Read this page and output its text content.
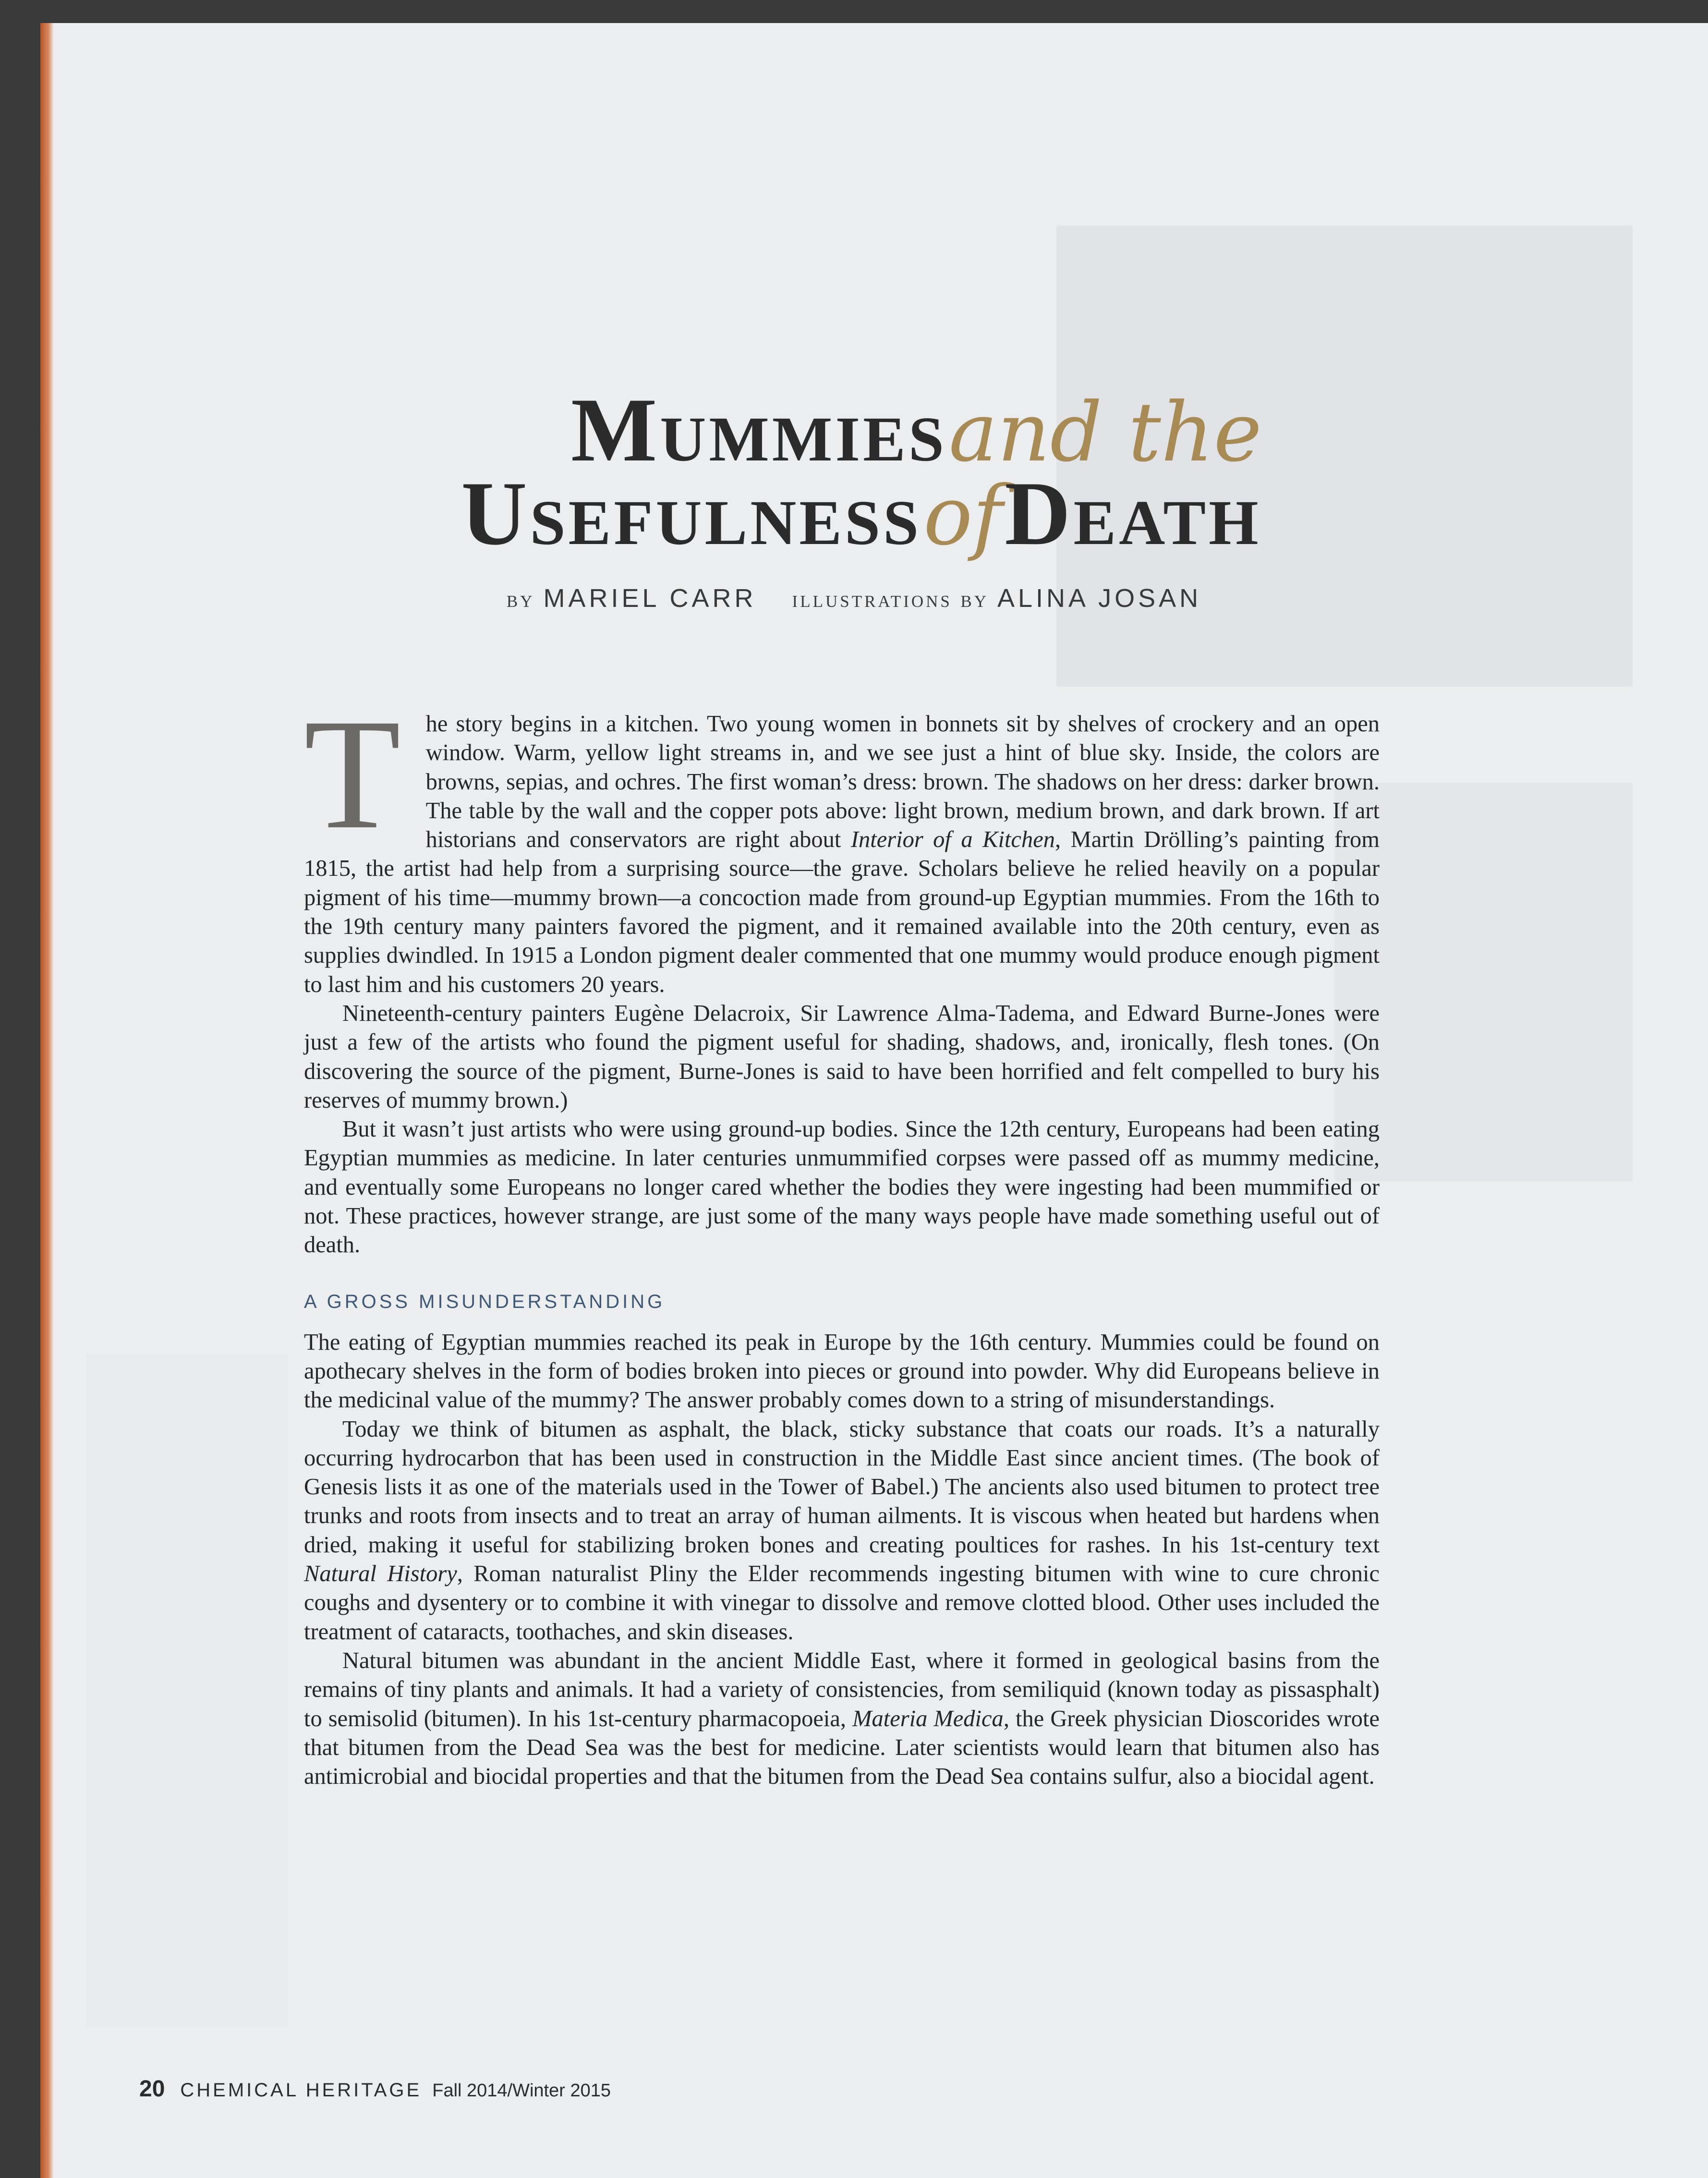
Mummies and the
Usefulness of Death
by MARIEL CARR illustrations by ALINA JOSAN

T he story begins in a kitchen. Two young women in bonnets sit by shelves of crockery and an open window. Warm, yellow light streams in, and we see just a hint of blue sky. Inside, the colors are browns, sepias, and ochres. The first woman’s dress: brown. The shadows on her dress: darker brown. The table by the wall and the copper pots above: light brown, medium brown, and dark brown. If art historians and conservators are right about Interior of a Kitchen, Martin Drölling’s painting from 1815, the artist had help from a surprising source—the grave. Scholars believe he relied heavily on a popular pigment of his time—mummy brown—a concoction made from ground-up Egyptian mummies. From the 16th to the 19th century many painters favored the pigment, and it remained available into the 20th century, even as supplies dwindled. In 1915 a London pigment dealer commented that one mummy would produce enough pigment to last him and his customers 20 years.

Nineteenth-century painters Eugène Delacroix, Sir Lawrence Alma-Tadema, and Edward Burne-Jones were just a few of the artists who found the pigment useful for shading, shadows, and, ironically, flesh tones. (On discovering the source of the pigment, Burne-Jones is said to have been horrified and felt compelled to bury his reserves of mummy brown.)

But it wasn’t just artists who were using ground-up bodies. Since the 12th century, Europeans had been eating Egyptian mummies as medicine. In later centuries unmummified corpses were passed off as mummy medicine, and eventually some Europeans no longer cared whether the bodies they were ingesting had been mummified or not. These practices, however strange, are just some of the many ways people have made something useful out of death.

A GROSS MISUNDERSTANDING

The eating of Egyptian mummies reached its peak in Europe by the 16th century. Mummies could be found on apothecary shelves in the form of bodies broken into pieces or ground into powder. Why did Europeans believe in the medicinal value of the mummy? The answer probably comes down to a string of misunderstandings.

Today we think of bitumen as asphalt, the black, sticky substance that coats our roads. It’s a naturally occurring hydrocarbon that has been used in construction in the Middle East since ancient times. (The book of Genesis lists it as one of the materials used in the Tower of Babel.) The ancients also used bitumen to protect tree trunks and roots from insects and to treat an array of human ailments. It is viscous when heated but hardens when dried, making it useful for stabilizing broken bones and creating poultices for rashes. In his 1st-century text Natural History, Roman naturalist Pliny the Elder recommends ingesting bitumen with wine to cure chronic coughs and dysentery or to combine it with vinegar to dissolve and remove clotted blood. Other uses included the treatment of cataracts, toothaches, and skin diseases.

Natural bitumen was abundant in the ancient Middle East, where it formed in geological basins from the remains of tiny plants and animals. It had a variety of consistencies, from semiliquid (known today as pissasphalt) to semisolid (bitumen). In his 1st-century pharmacopoeia, Materia Medica, the Greek physician Dioscorides wrote that bitumen from the Dead Sea was the best for medicine. Later scientists would learn that bitumen also has antimicrobial and biocidal properties and that the bitumen from the Dead Sea contains sulfur, also a biocidal agent.

20 CHEMICAL HERITAGE Fall 2014/Winter 2015
